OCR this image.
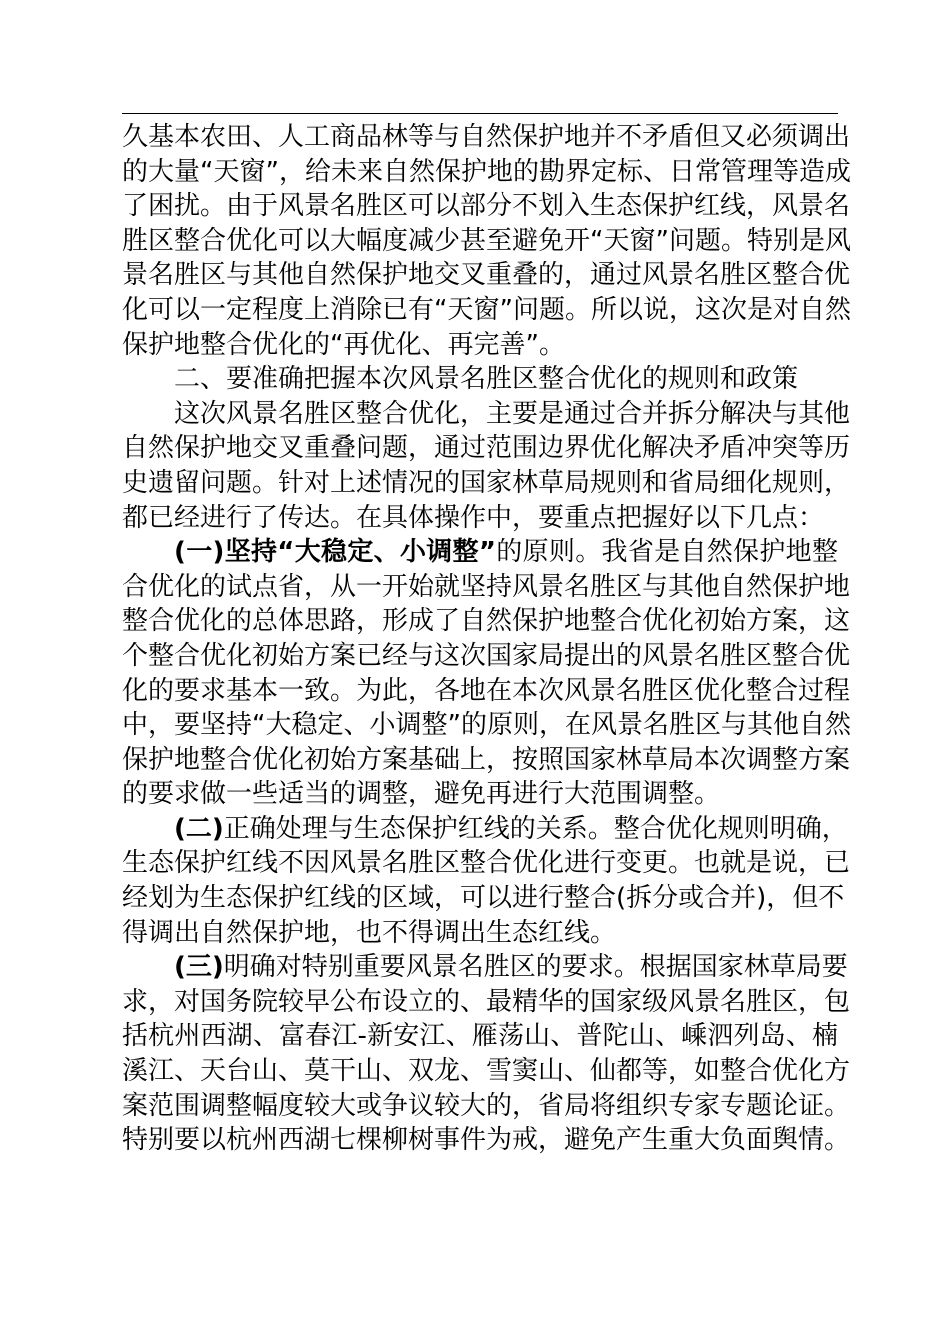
久基本农田、人工商品林等与自然保护地并不矛盾但又必须调出
的大量“天窗”，给未来自然保护地的勘界定标、日常管理等造成
了困扰。由于风景名胜区可以部分不划入生态保护红线，风景名
胜区整合优化可以大幅度减少甚至避免开“天窗”问题。特别是风
景名胜区与其他自然保护地交叉重叠的，通过风景名胜区整合优
化可以一定程度上消除已有“天窗”问题。所以说，这次是对自然
保护地整合优化的“再优化、再完善”。
二、要准确把握本次风景名胜区整合优化的规则和政策
这次风景名胜区整合优化，主要是通过合并拆分解决与其他
自然保护地交叉重叠问题，通过范围边界优化解决矛盾冲突等历
史遗留问题。针对上述情况的国家林草局规则和省局细化规则，
都已经进行了传达。在具体操作中，要重点把握好以下几点：
(一)坚持“大稳定、小调整”的原则。我省是自然保护地整
合优化的试点省，从一开始就坚持风景名胜区与其他自然保护地
整合优化的总体思路，形成了自然保护地整合优化初始方案，这
个整合优化初始方案已经与这次国家局提出的风景名胜区整合优
化的要求基本一致。为此，各地在本次风景名胜区优化整合过程
中，要坚持“大稳定、小调整”的原则，在风景名胜区与其他自然
保护地整合优化初始方案基础上，按照国家林草局本次调整方案
的要求做一些适当的调整，避免再进行大范围调整。
(二)正确处理与生态保护红线的关系。整合优化规则明确，
生态保护红线不因风景名胜区整合优化进行变更。也就是说，已
经划为生态保护红线的区域，可以进行整合(拆分或合并)，但不
得调出自然保护地，也不得调出生态红线。
(三)明确对特别重要风景名胜区的要求。根据国家林草局要
求，对国务院较早公布设立的、最精华的国家级风景名胜区，包
括杭州西湖、富春江-新安江、雁荡山、普陀山、嵊泗列岛、楠
溪江、天台山、莫干山、双龙、雪窦山、仙都等，如整合优化方
案范围调整幅度较大或争议较大的，省局将组织专家专题论证。
特别要以杭州西湖七棵柳树事件为戒，避免产生重大负面舆情。
